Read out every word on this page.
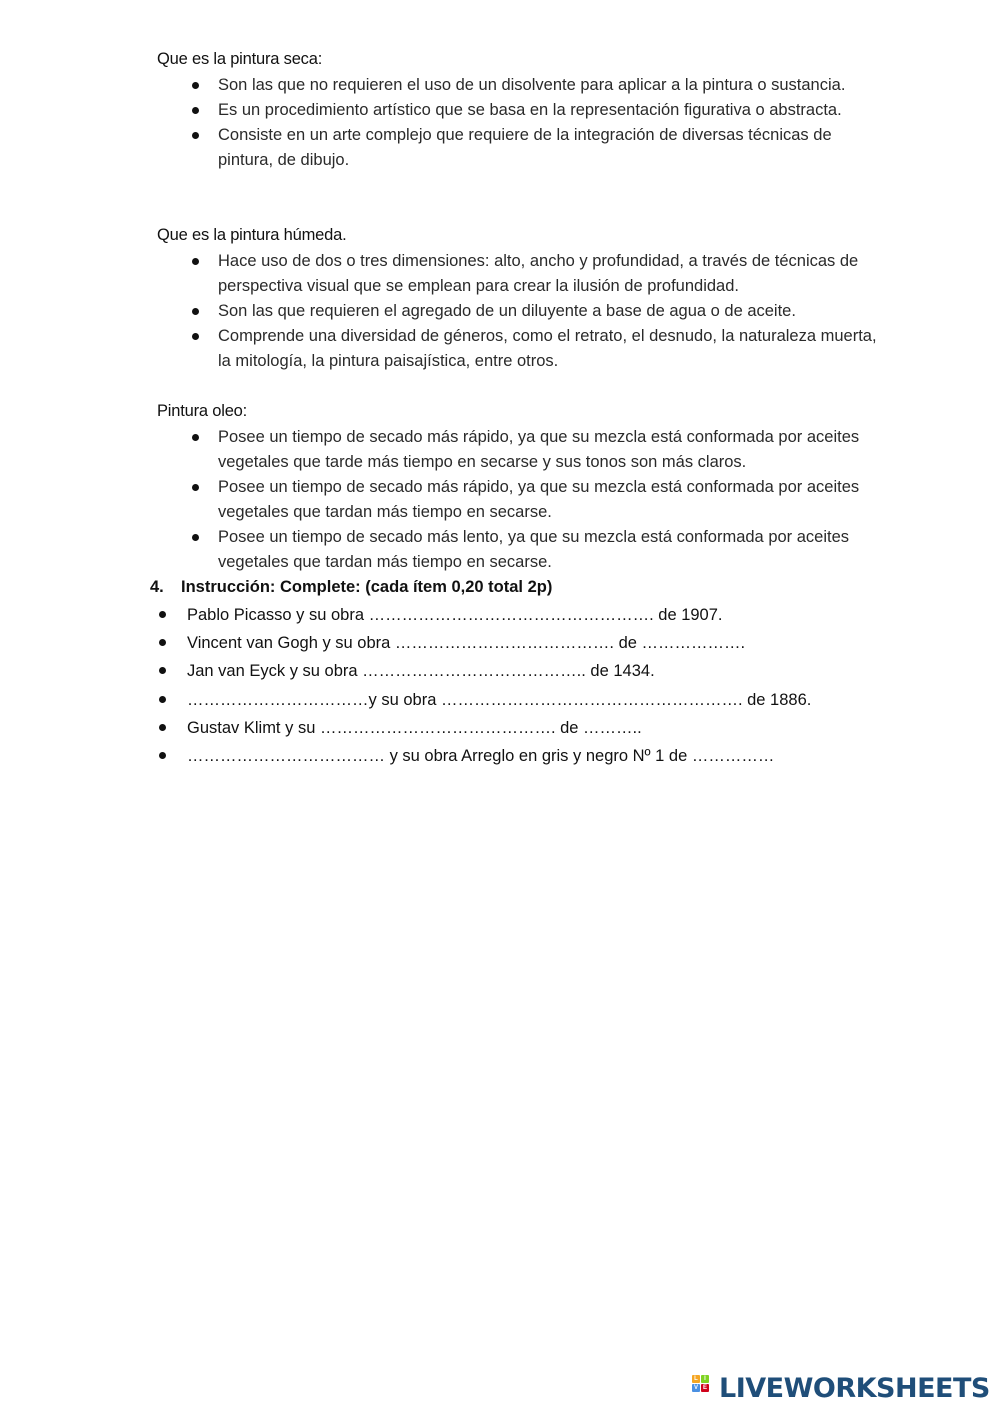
Que es la pintura seca:
Son las que no requieren el uso de un disolvente para aplicar a la pintura o sustancia.
Es un procedimiento artístico que se basa en la representación figurativa o abstracta.
Consiste en un arte complejo que requiere de la integración de diversas técnicas de pintura, de dibujo.
Que es la pintura húmeda.
Hace uso de dos o tres dimensiones: alto, ancho y profundidad, a través de técnicas de perspectiva visual que se emplean para crear la ilusión de profundidad.
Son las que requieren el agregado de un diluyente a base de agua o de aceite.
Comprende una diversidad de géneros, como el retrato, el desnudo, la naturaleza muerta, la mitología, la pintura paisajística, entre otros.
Pintura oleo:
Posee un tiempo de secado más rápido, ya que su mezcla está conformada por aceites vegetales que tarde más tiempo en secarse y sus tonos son más claros.
Posee un tiempo de secado más rápido, ya que su mezcla está conformada por aceites vegetales que tardan más tiempo en secarse.
Posee un tiempo de secado más lento, ya que su mezcla está conformada por aceites vegetales que tardan más tiempo en secarse.
4. Instrucción: Complete: (cada ítem 0,20 total 2p)
Pablo Picasso y su obra ……………………………………………. de 1907.
Vincent van Gogh y su obra …………………………………. de ……………….
Jan van Eyck y su obra ………………………………….. de 1434.
……………………………y su obra ………………………………………………. de 1886.
Gustav Klimt y su ……………………………………. de ………..
……………………………… y su obra Arreglo en gris y negro Nº 1 de ……………
L	I
V E LIVEWORKSHEETS
